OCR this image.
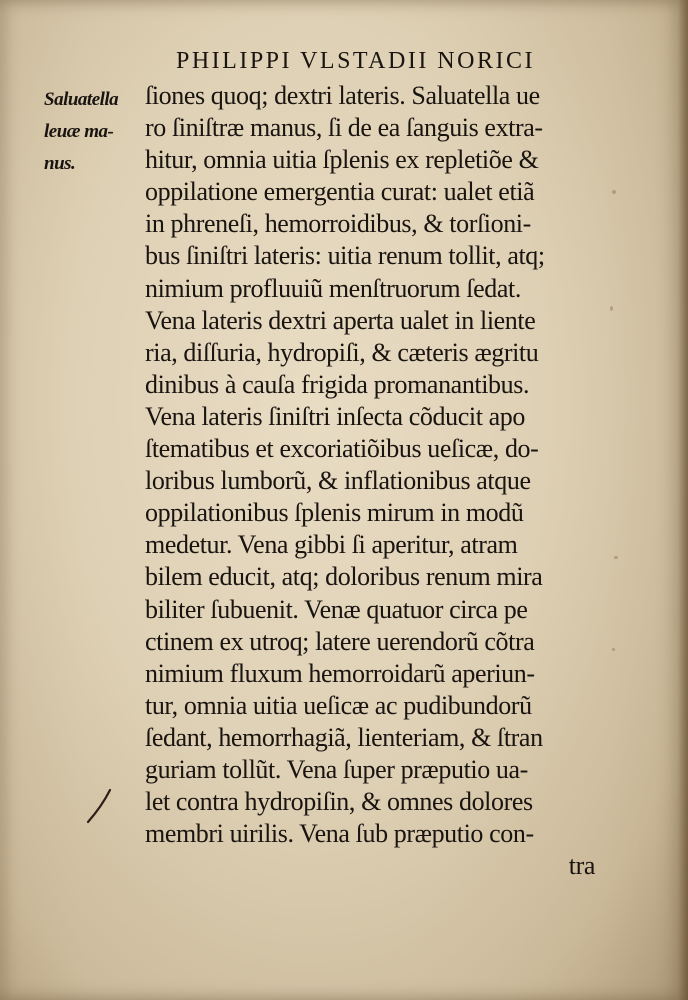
PHILIPPI VLSTADII NORICI
Saluatella
leuæ ma-
nus.
ſiones quoq; dextri lateris. Saluatella ue
ro ſiniſtræ manus, ſi de ea ſanguis extra-
hitur, omnia uitia ſplenis ex repletiõe &
oppilatione emergentia curat: ualet etiã
in phreneſi, hemorroidibus, & torſioni-
bus ſiniſtri lateris: uitia renum tollit, atq;
nimium profluuiũ menſtruorum ſedat.
Vena lateris dextri aperta ualet in liente
ria, diſſuria, hydropiſi, & cæteris ægritu
dinibus à cauſa frigida promanantibus.
Vena lateris ſiniſtri inſecta cõducit apo
ſtematibus et excoriatiõibus ueſicæ, do-
loribus lumborũ, & inflationibus atque
oppilationibus ſplenis mirum in modũ
medetur. Vena gibbi ſi aperitur, atram
bilem educit, atq; doloribus renum mira
biliter ſubuenit. Venæ quatuor circa pe
ctinem ex utroq; latere uerendorũ cõtra
nimium fluxum hemorroidarũ aperiun-
tur, omnia uitia ueſicæ ac pudibundorũ
ſedant, hemorrhagiã, lienteriam, & ſtran
guriam tollũt. Vena ſuper præputio ua-
let contra hydropiſin, & omnes dolores
membri uirilis. Vena ſub præputio con-
tra
